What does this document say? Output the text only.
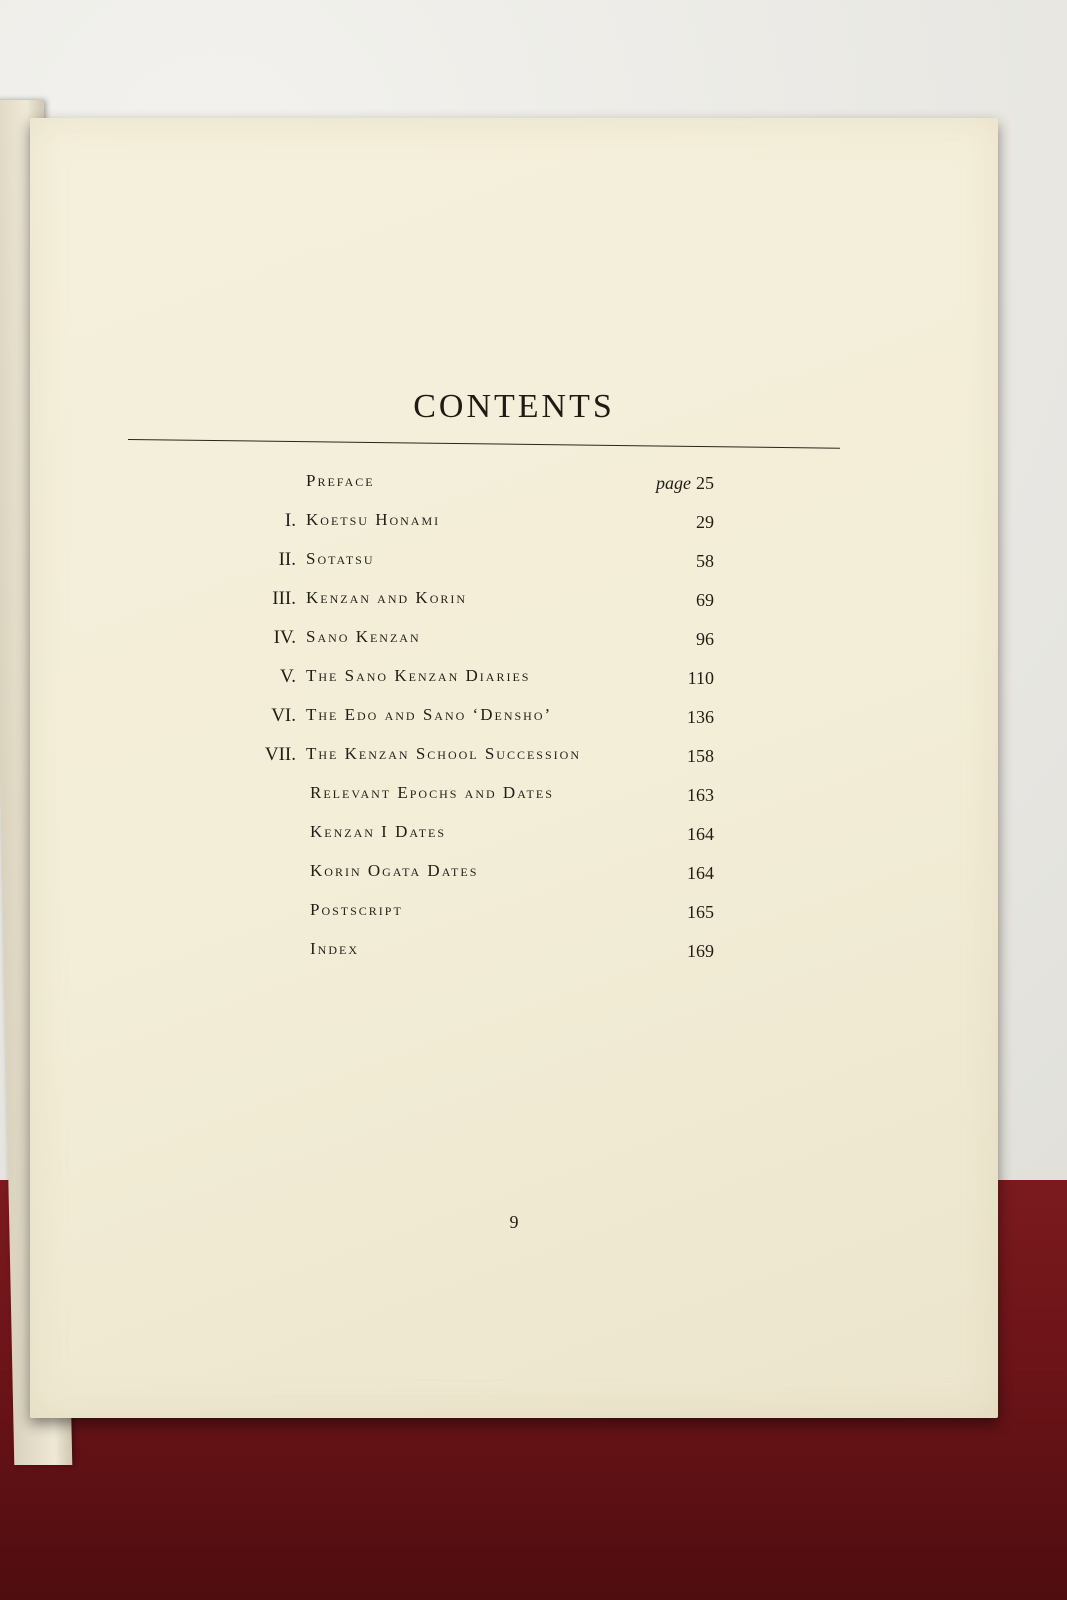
CONTENTS
Preface	page 25
I. Koetsu Honami	29
II. Sotatsu	58
III. Kenzan and Korin	69
IV. Sano Kenzan	96
V. The Sano Kenzan Diaries	110
VI. The Edo and Sano ‘Densho’	136
VII. The Kenzan School Succession	158
Relevant Epochs and Dates	163
Kenzan I Dates	164
Korin Ogata Dates	164
Postscript	165
Index	169
9
